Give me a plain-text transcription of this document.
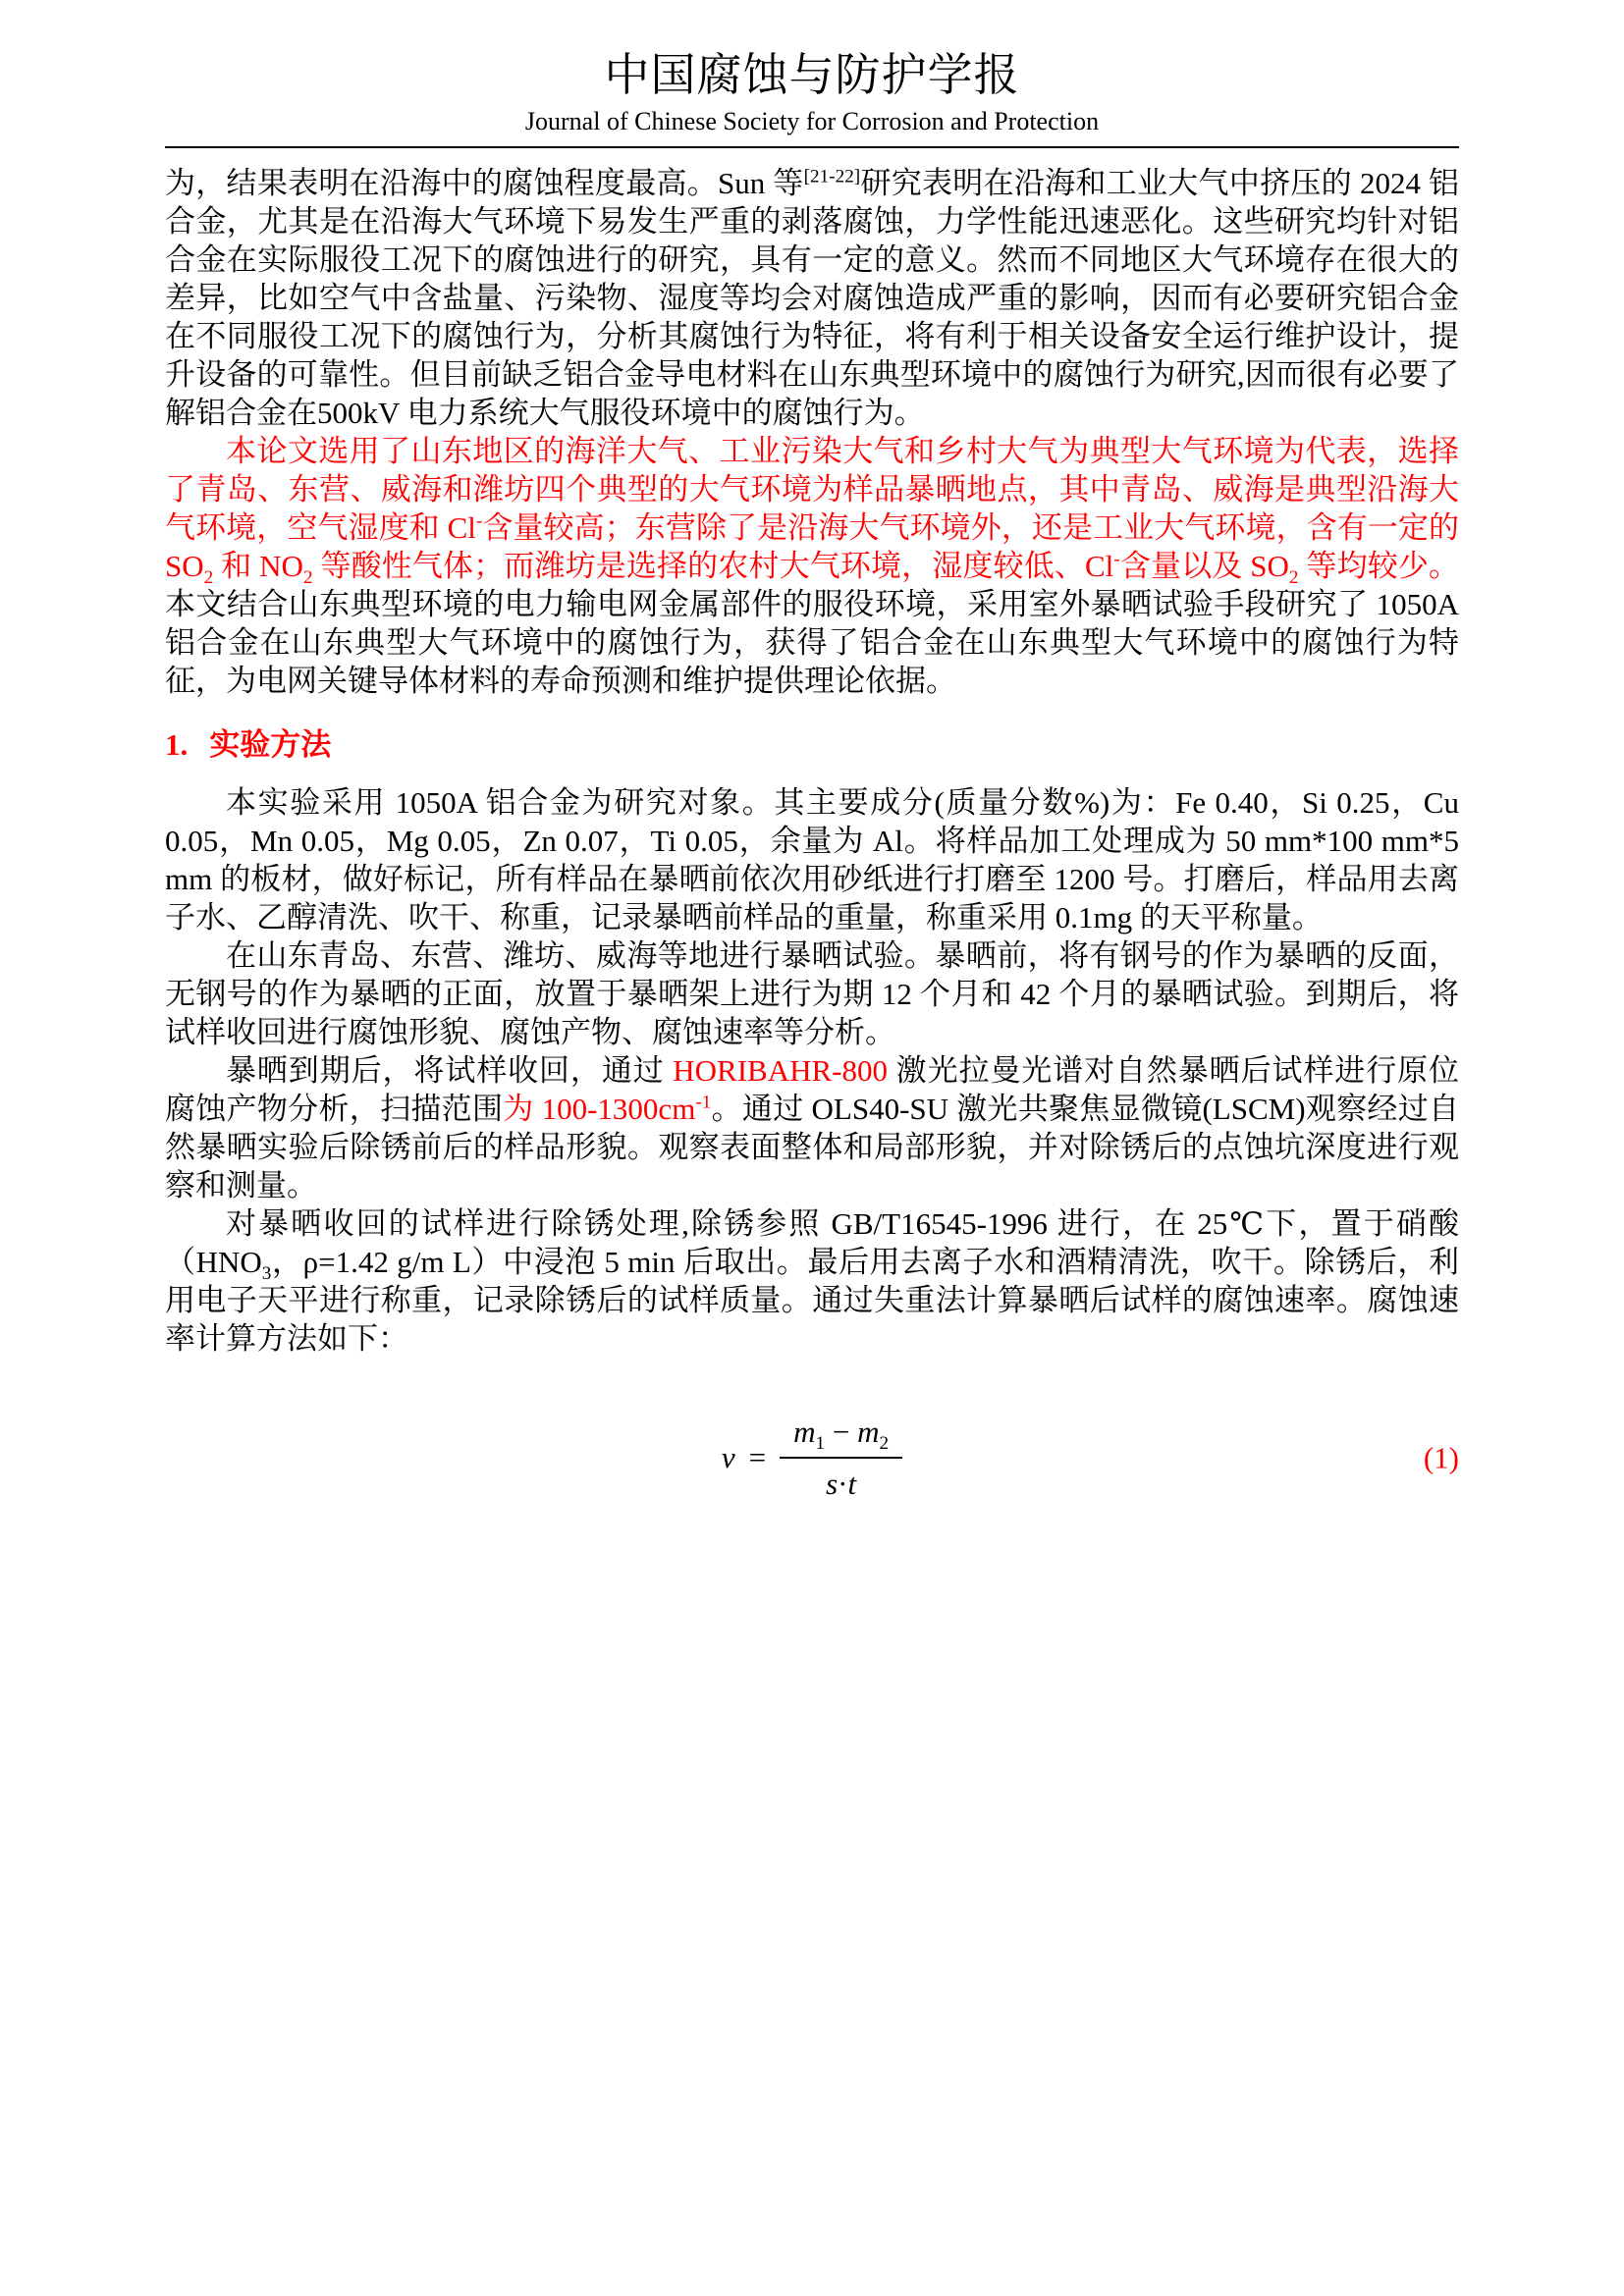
中国腐蚀与防护学报
Journal of Chinese Society for Corrosion and Protection

为，结果表明在沿海中的腐蚀程度最高。Sun 等[21-22]研究表明在沿海和工业大气中挤压的 2024 铝合金，尤其是在沿海大气环境下易发生严重的剥落腐蚀，力学性能迅速恶化。这些研究均针对铝合金在实际服役工况下的腐蚀进行的研究，具有一定的意义。然而不同地区大气环境存在很大的差异，比如空气中含盐量、污染物、湿度等均会对腐蚀造成严重的影响，因而有必要研究铝合金在不同服役工况下的腐蚀行为，分析其腐蚀行为特征，将有利于相关设备安全运行维护设计，提升设备的可靠性。但目前缺乏铝合金导电材料在山东典型环境中的腐蚀行为研究,因而很有必要了解铝合金在500kV 电力系统大气服役环境中的腐蚀行为。

本论文选用了山东地区的海洋大气、工业污染大气和乡村大气为典型大气环境为代表，选择了青岛、东营、威海和潍坊四个典型的大气环境为样品暴晒地点，其中青岛、威海是典型沿海大气环境，空气湿度和 Cl-含量较高；东营除了是沿海大气环境外，还是工业大气环境，含有一定的 $SO_2$ 和 $NO_2$ 等酸性气体；而潍坊是选择的农村大气环境，湿度较低、Cl-含量以及 $SO_2$ 等均较少。本文结合山东典型环境的电力输电网金属部件的服役环境，采用室外暴晒试验手段研究了 1050A 铝合金在山东典型大气环境中的腐蚀行为，获得了铝合金在山东典型大气环境中的腐蚀行为特征，为电网关键导体材料的寿命预测和维护提供理论依据。

1. 实验方法

本实验采用 1050A 铝合金为研究对象。其主要成分(质量分数%)为：Fe 0.40，Si 0.25，Cu 0.05，Mn 0.05，Mg 0.05，Zn 0.07，Ti 0.05，余量为 Al。将样品加工处理成为 50 mm*100 mm*5 mm 的板材，做好标记，所有样品在暴晒前依次用砂纸进行打磨至 1200 号。打磨后，样品用去离子水、乙醇清洗、吹干、称重，记录暴晒前样品的重量，称重采用 0.1mg 的天平称量。

在山东青岛、东营、潍坊、威海等地进行暴晒试验。暴晒前，将有钢号的作为暴晒的反面，无钢号的作为暴晒的正面，放置于暴晒架上进行为期 12 个月和 42 个月的暴晒试验。到期后，将试样收回进行腐蚀形貌、腐蚀产物、腐蚀速率等分析。

暴晒到期后，将试样收回，通过 HORIBAHR-800 激光拉曼光谱对自然暴晒后试样进行原位腐蚀产物分析，扫描范围为 $100-1300cm^{-1}$。通过 OLS40-SU 激光共聚焦显微镜(LSCM)观察经过自然暴晒实验后除锈前后的样品形貌。观察表面整体和局部形貌，并对除锈后的点蚀坑深度进行观察和测量。

对暴晒收回的试样进行除锈处理,除锈参照 GB/T16545-1996 进行，在 25℃下，置于硝酸（$HNO_3$，ρ=1.42 g/m L）中浸泡 5 min 后取出。最后用去离子水和酒精清洗，吹干。除锈后，利用电子天平进行称重，记录除锈后的试样质量。通过失重法计算暴晒后试样的腐蚀速率。腐蚀速率计算方法如下：

$v = \frac{m_1 - m_2}{s\cdot t}$	(1)
